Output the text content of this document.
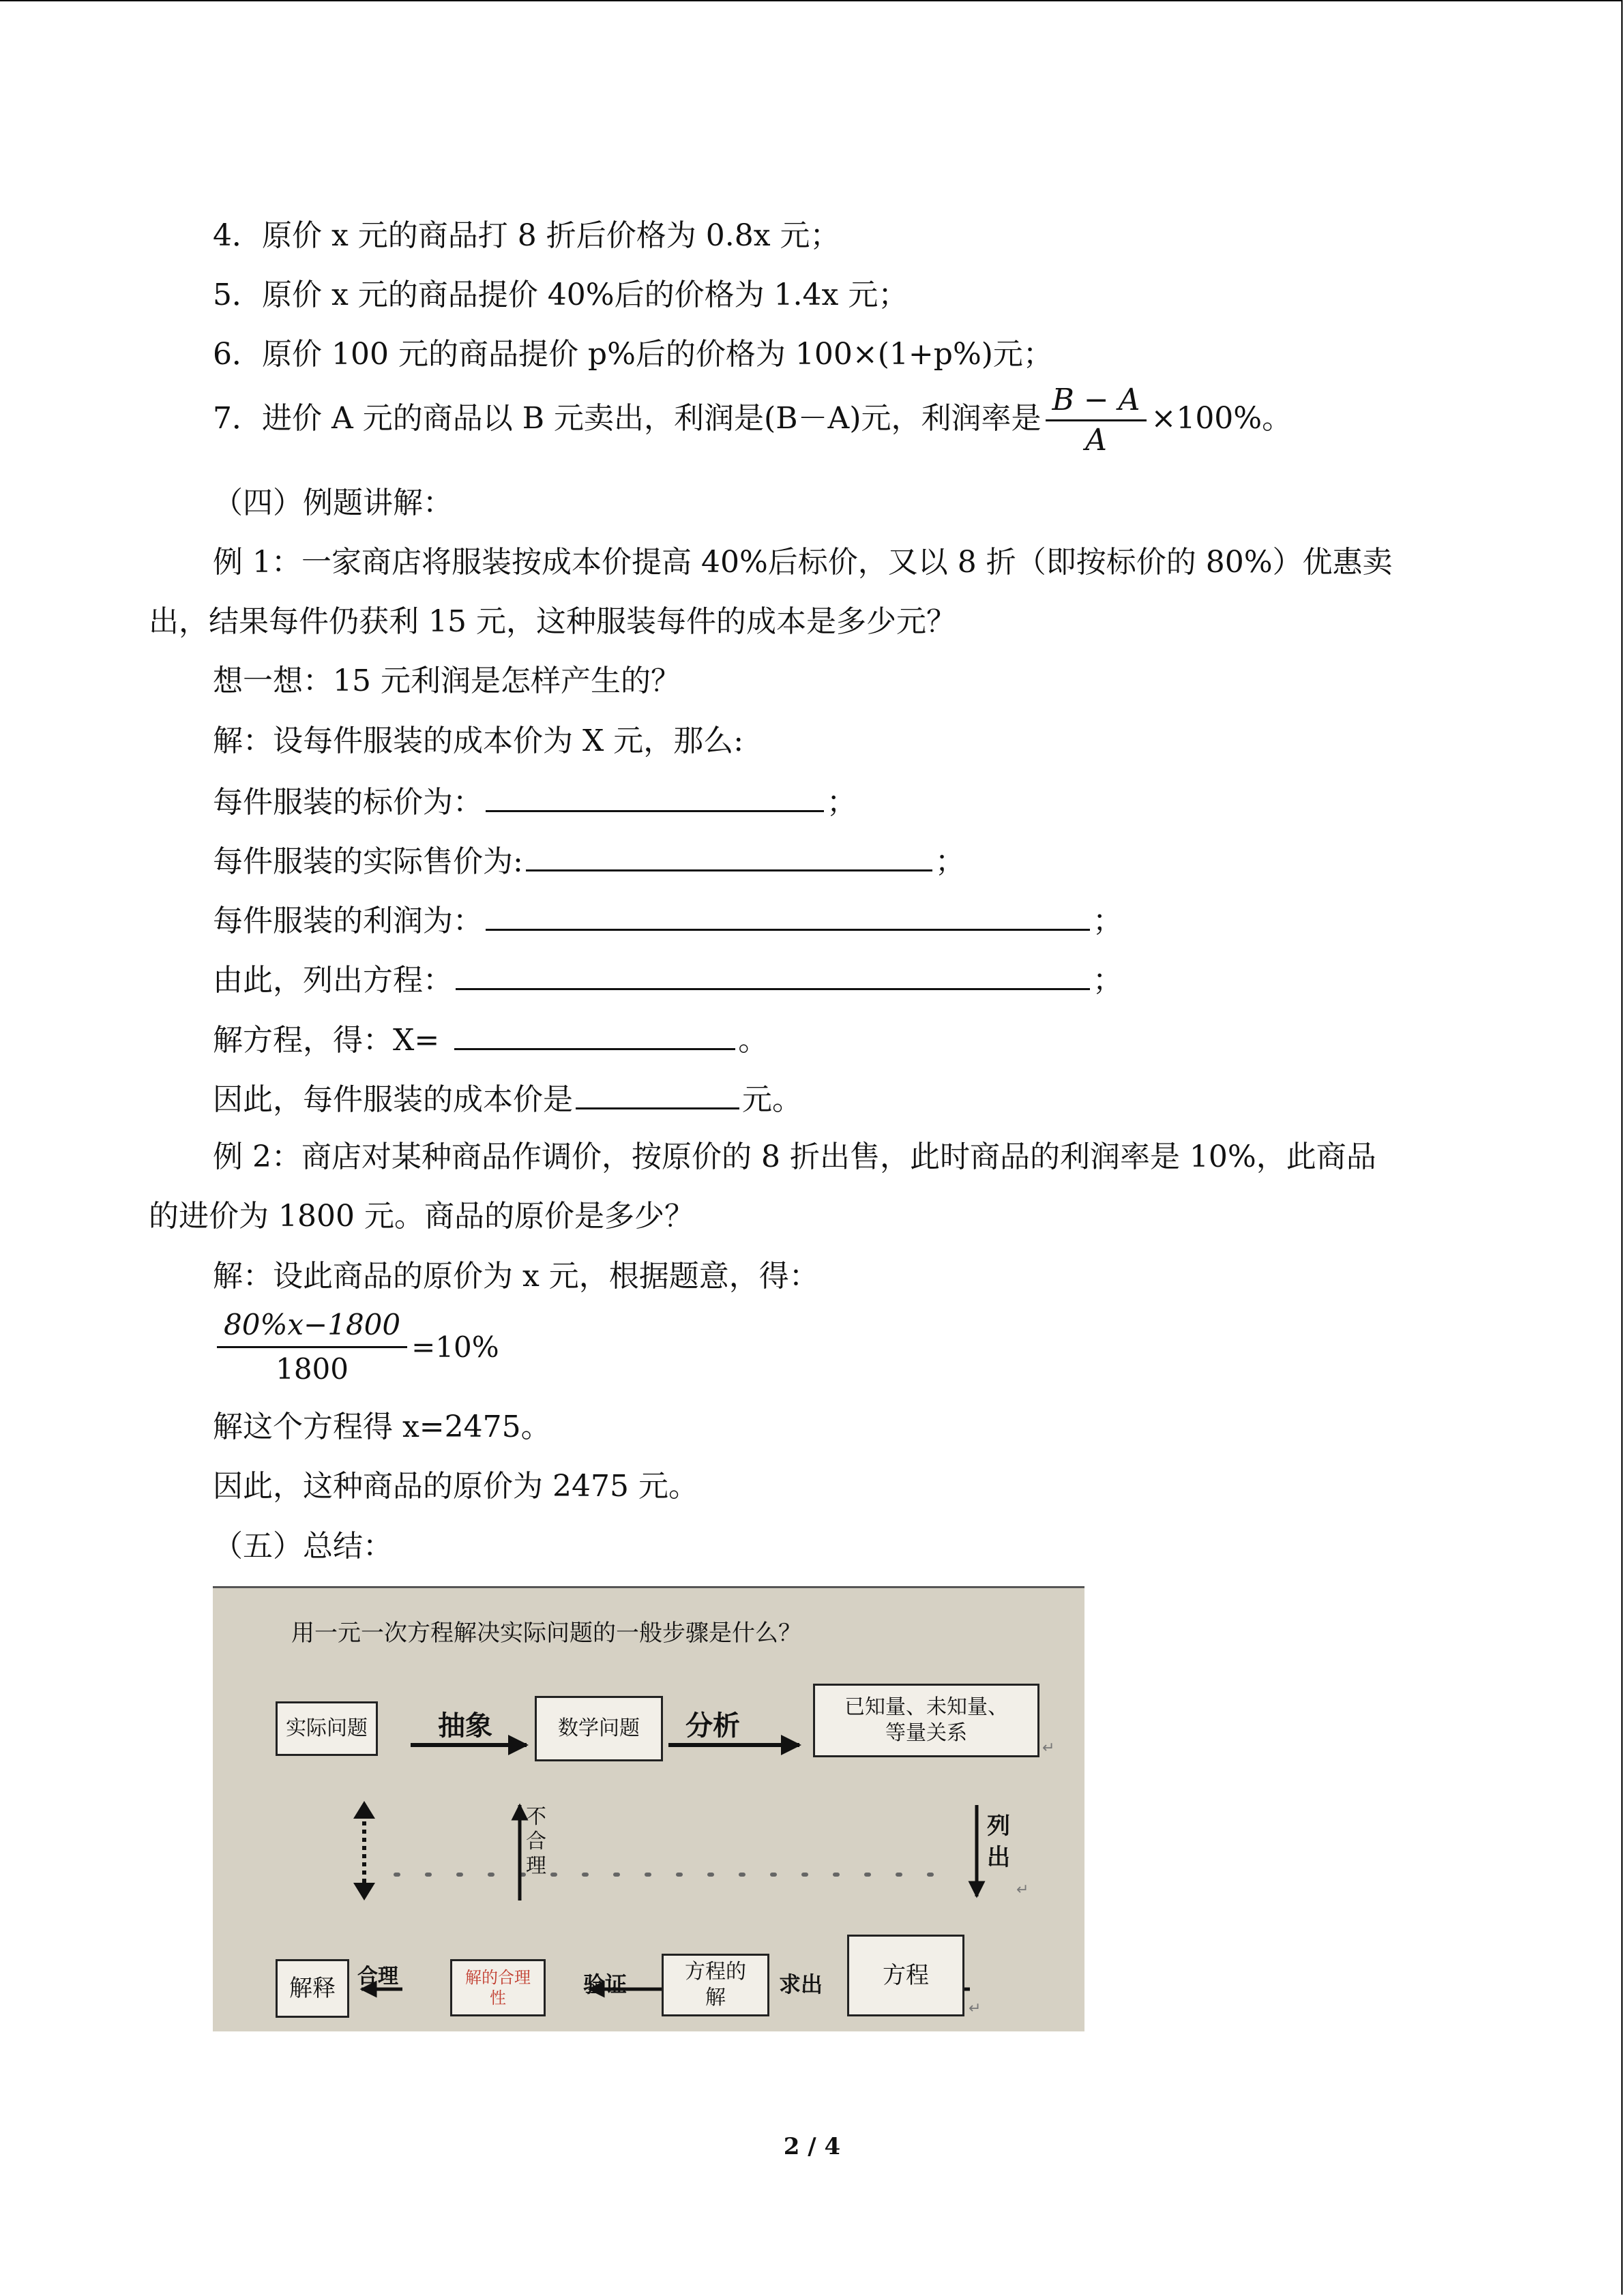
4．原价 x 元的商品打 8 折后价格为 0.8x 元；
5．原价 x 元的商品提价 40%后的价格为 1.4x 元；
6．原价 100 元的商品提价 p%后的价格为 100×(1+p%)元；
7．进价 A 元的商品以 B 元卖出，利润是(B－A)元，利润率是 $\frac{B - A}{A} \times 100\%$。
（四）例题讲解：
例 1：一家商店将服装按成本价提高 40%后标价，又以 8 折（即按标价的 80%）优惠卖
出，结果每件仍获利 15 元，这种服装每件的成本是多少元？
想一想：15 元利润是怎样产生的？
解：设每件服装的成本价为 X 元，那么:
每件服装的标价为：	；
每件服装的实际售价为:	；
每件服装的利润为：	；
由此，列出方程：	；
解方程，得：X=	。
因此，每件服装的成本价是	元。
例 2：商店对某种商品作调价，按原价的 8 折出售，此时商品的利润率是 10%，此商品
的进价为 1800 元。商品的原价是多少？
解：设此商品的原价为 x 元，根据题意，得：
$\frac{80\%x-1800}{1800} =10\%$
解这个方程得 x=2475。
因此，这种商品的原价为 2475 元。
（五）总结：
用一元一次方程解决实际问题的一般步骤是什么？
实际问题	抽象	数学问题	分析
已知量、未知量、等量关系
↵
不合理
列出
↵
解释	合理	解的合理性
验证	方程的解
求出	方程
↵
2 / 4
